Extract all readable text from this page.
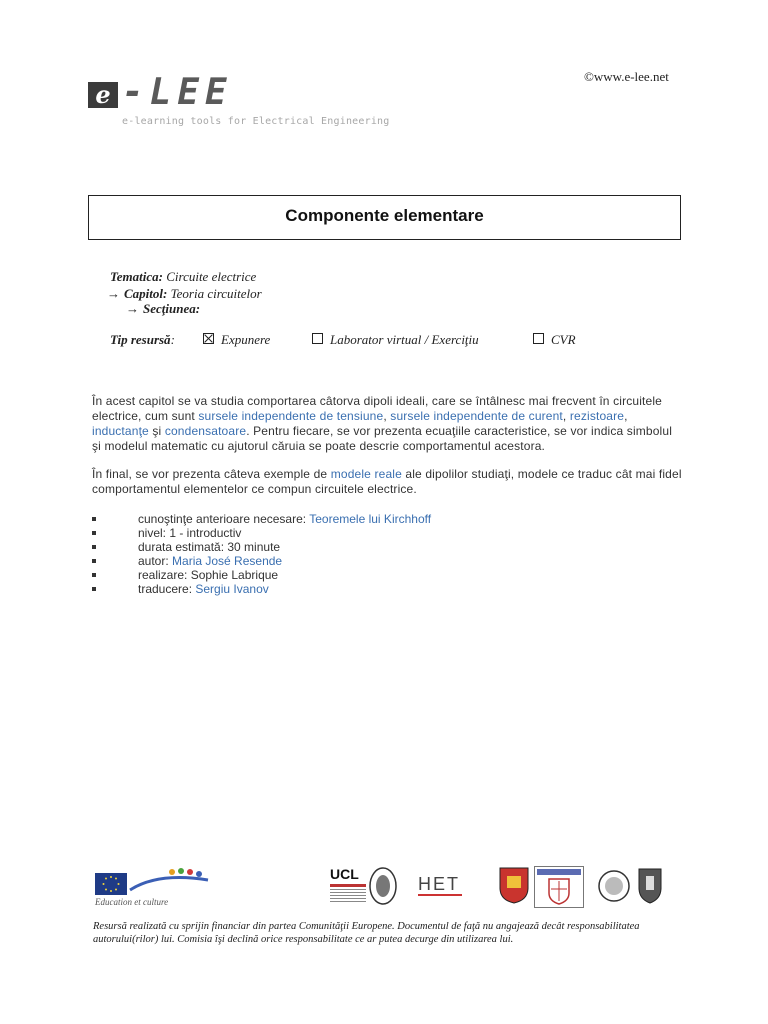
e -LEE
e-learning tools for Electrical Engineering
©www.e-lee.net
Componente elementare
Tematica: Circuite electrice
→ Capitol: Teoria circuitelor
→ Secţiunea:
Tip resursă:	Expunere	Laborator virtual / Exerciţiu	CVR
În acest capitol se va studia comportarea câtorva dipoli ideali, care se întâlnesc mai frecvent în circuitele electrice, cum sunt sursele independente de tensiune, sursele independente de curent, rezistoare, inductanţe şi condensatoare. Pentru fiecare, se vor prezenta ecuaţiile caracteristice, se vor indica simbolul şi modelul matematic cu ajutorul căruia se poate descrie comportamentul acestora.
În final, se vor prezenta câteva exemple de modele reale ale dipolilor studiaţi, modele ce traduc cât mai fidel comportamentul elementelor ce compun circuitele electrice.
cunoştinţe anterioare necesare: Teoremele lui Kirchhoff
nivel: 1 - introductiv
durata estimată: 30 minute
autor: Maria José Resende
realizare: Sophie Labrique
traducere: Sergiu Ivanov
Education et culture
UCL	HET
Resursă realizată cu sprijin financiar din partea Comunităţii Europene. Documentul de faţă nu angajează decât responsabilitatea autorului(rilor) lui. Comisia îşi declină orice responsabilitate ce ar putea decurge din utilizarea lui.
